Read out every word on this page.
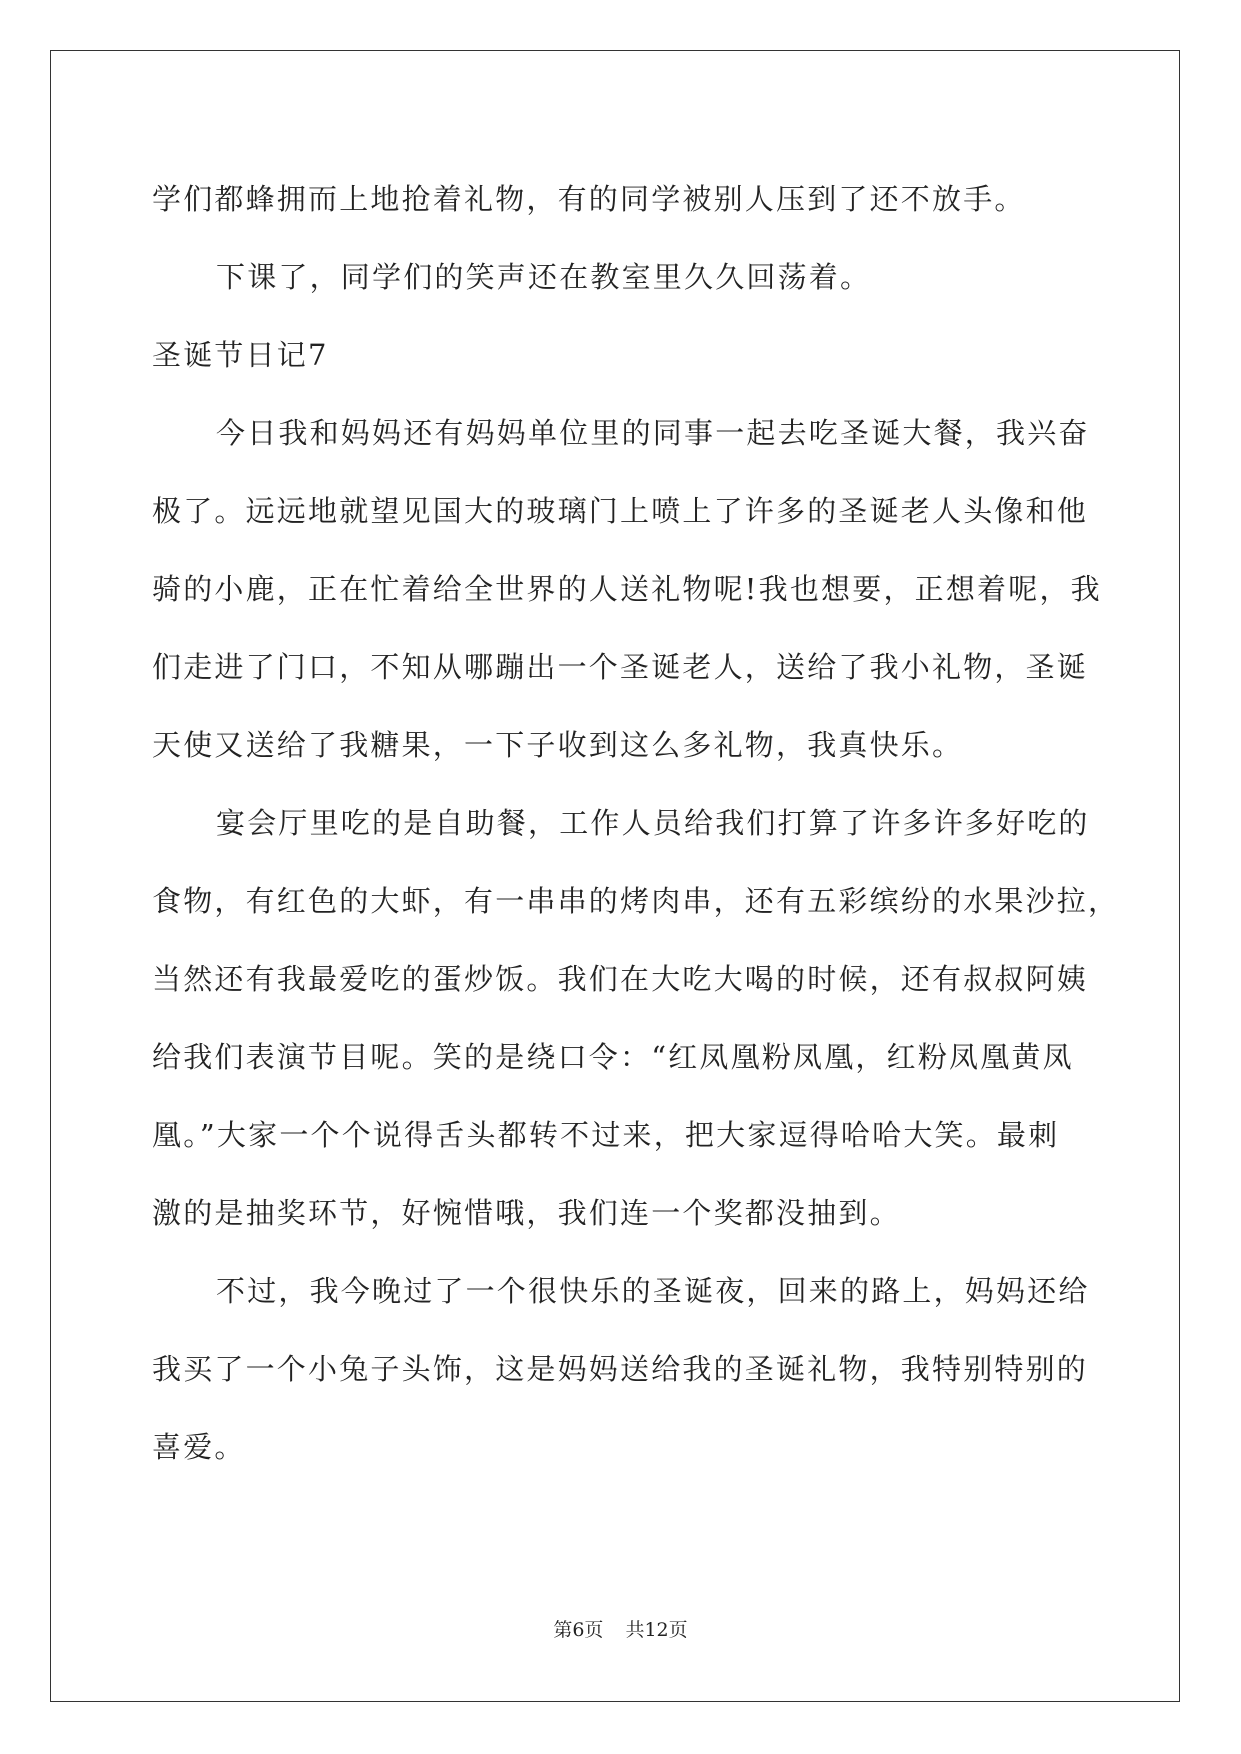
学们都蜂拥而上地抢着礼物，有的同学被别人压到了还不放手。
下课了，同学们的笑声还在教室里久久回荡着。
圣诞节日记7
今日我和妈妈还有妈妈单位里的同事一起去吃圣诞大餐，我兴奋
极了。远远地就望见国大的玻璃门上喷上了许多的圣诞老人头像和他
骑的小鹿，正在忙着给全世界的人送礼物呢!我也想要，正想着呢，我
们走进了门口，不知从哪蹦出一个圣诞老人，送给了我小礼物，圣诞
天使又送给了我糖果，一下子收到这么多礼物，我真快乐。
宴会厅里吃的是自助餐，工作人员给我们打算了许多许多好吃的
食物，有红色的大虾，有一串串的烤肉串，还有五彩缤纷的水果沙拉，
当然还有我最爱吃的蛋炒饭。我们在大吃大喝的时候，还有叔叔阿姨
给我们表演节目呢。笑的是绕口令：“红凤凰粉凤凰，红粉凤凰黄凤
凰。”大家一个个说得舌头都转不过来，把大家逗得哈哈大笑。最刺
激的是抽奖环节，好惋惜哦，我们连一个奖都没抽到。
不过，我今晚过了一个很快乐的圣诞夜，回来的路上，妈妈还给
我买了一个小兔子头饰，这是妈妈送给我的圣诞礼物，我特别特别的
喜爱。
第6页 共12页
